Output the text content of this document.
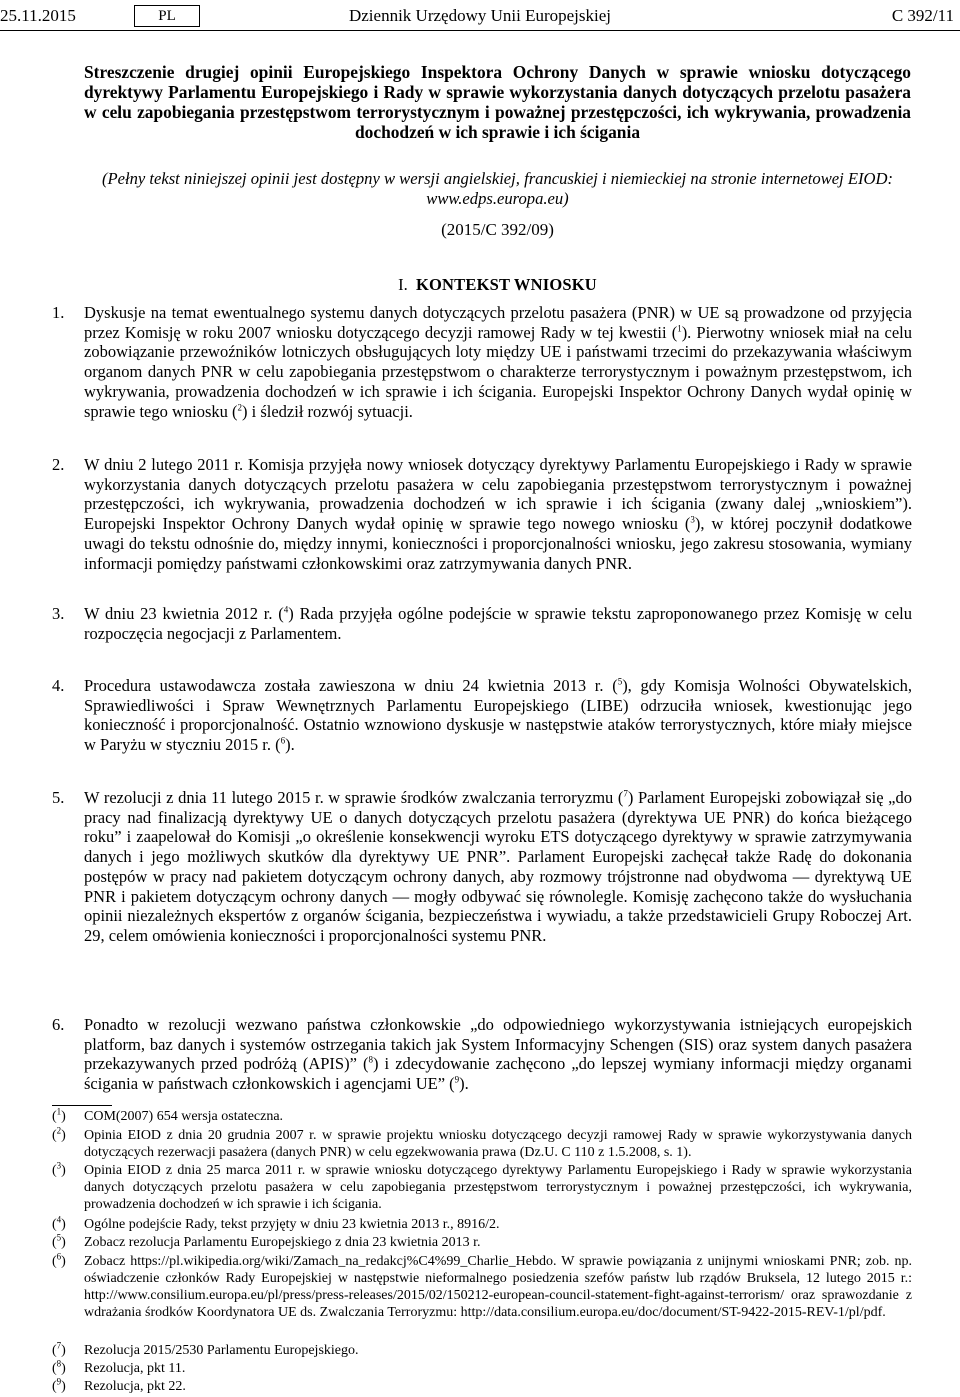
25.11.2015	PL	Dziennik Urzędowy Unii Europejskiej	C 392/11
Streszczenie drugiej opinii Europejskiego Inspektora Ochrony Danych w sprawie wniosku dotyczącego dyrektywy Parlamentu Europejskiego i Rady w sprawie wykorzystania danych dotyczących przelotu pasażera w celu zapobiegania przestępstwom terrorystycznym i poważnej przestępczości, ich wykrywania, prowadzenia dochodzeń w ich sprawie i ich ścigania
(Pełny tekst niniejszej opinii jest dostępny w wersji angielskiej, francuskiej i niemieckiej na stronie internetowej EIOD: www.edps.europa.eu)
(2015/C 392/09)
I. KONTEKST WNIOSKU
1. Dyskusje na temat ewentualnego systemu danych dotyczących przelotu pasażera (PNR) w UE są prowadzone od przyjęcia przez Komisję w roku 2007 wniosku dotyczącego decyzji ramowej Rady w tej kwestii ($^1$). Pierwotny wniosek miał na celu zobowiązanie przewoźników lotniczych obsługujących loty między UE i państwami trzecimi do przekazywania właściwym organom danych PNR w celu zapobiegania przestępstwom o charakterze terrorystycznym i poważnym przestępstwom, ich wykrywania, prowadzenia dochodzeń w ich sprawie i ich ścigania. Europejski Inspektor Ochrony Danych wydał opinię w sprawie tego wniosku ($^2$) i śledził rozwój sytuacji.
2. W dniu 2 lutego 2011 r. Komisja przyjęła nowy wniosek dotyczący dyrektywy Parlamentu Europejskiego i Rady w sprawie wykorzystania danych dotyczących przelotu pasażera w celu zapobiegania przestępstwom terrorystycznym i poważnej przestępczości, ich wykrywania, prowadzenia dochodzeń w ich sprawie i ich ścigania (zwany dalej „wnioskiem”). Europejski Inspektor Ochrony Danych wydał opinię w sprawie tego nowego wniosku ($^3$), w której poczynił dodatkowe uwagi do tekstu odnośnie do, między innymi, konieczności i proporcjonalności wniosku, jego zakresu stosowania, wymiany informacji pomiędzy państwami członkowskimi oraz zatrzymywania danych PNR.
3. W dniu 23 kwietnia 2012 r. ($^4$) Rada przyjęła ogólne podejście w sprawie tekstu zaproponowanego przez Komisję w celu rozpoczęcia negocjacji z Parlamentem.
4. Procedura ustawodawcza została zawieszona w dniu 24 kwietnia 2013 r. ($^5$), gdy Komisja Wolności Obywatelskich, Sprawiedliwości i Spraw Wewnętrznych Parlamentu Europejskiego (LIBE) odrzuciła wniosek, kwestionując jego konieczność i proporcjonalność. Ostatnio wznowiono dyskusje w następstwie ataków terrorystycznych, które miały miejsce w Paryżu w styczniu 2015 r. ($^6$).
5. W rezolucji z dnia 11 lutego 2015 r. w sprawie środków zwalczania terroryzmu ($^7$) Parlament Europejski zobowiązał się „do pracy nad finalizacją dyrektywy UE o danych dotyczących przelotu pasażera (dyrektywa UE PNR) do końca bieżącego roku” i zaapelował do Komisji „o określenie konsekwencji wyroku ETS dotyczącego dyrektywy w sprawie zatrzymywania danych i jego możliwych skutków dla dyrektywy UE PNR”. Parlament Europejski zachęcał także Radę do dokonania postępów w pracy nad pakietem dotyczącym ochrony danych, aby rozmowy trójstronne nad obydwoma — dyrektywą UE PNR i pakietem dotyczącym ochrony danych — mogły odbywać się równolegle. Komisję zachęcono także do wysłuchania opinii niezależnych ekspertów z organów ścigania, bezpieczeństwa i wywiadu, a także przedstawicieli Grupy Roboczej Art. 29, celem omówienia konieczności i proporcjonalności systemu PNR.
6. Ponadto w rezolucji wezwano państwa członkowskie „do odpowiedniego wykorzystywania istniejących europejskich platform, baz danych i systemów ostrzegania takich jak System Informacyjny Schengen (SIS) oraz system danych pasażera przekazywanych przed podróżą (APIS)” ($^8$) i zdecydowanie zachęcono „do lepszej wymiany informacji między organami ścigania w państwach członkowskich i agencjami UE” ($^9$).
($^1$) COM(2007) 654 wersja ostateczna.
($^2$) Opinia EIOD z dnia 20 grudnia 2007 r. w sprawie projektu wniosku dotyczącego decyzji ramowej Rady w sprawie wykorzystywania danych dotyczących rezerwacji pasażera (danych PNR) w celu egzekwowania prawa (Dz.U. C 110 z 1.5.2008, s. 1).
($^3$) Opinia EIOD z dnia 25 marca 2011 r. w sprawie wniosku dotyczącego dyrektywy Parlamentu Europejskiego i Rady w sprawie wykorzystania danych dotyczących przelotu pasażera w celu zapobiegania przestępstwom terrorystycznym i poważnej przestępczości, ich wykrywania, prowadzenia dochodzeń w ich sprawie i ich ścigania.
($^4$) Ogólne podejście Rady, tekst przyjęty w dniu 23 kwietnia 2013 r., 8916/2.
($^5$) Zobacz rezolucja Parlamentu Europejskiego z dnia 23 kwietnia 2013 r.
($^6$) Zobacz https://pl.wikipedia.org/wiki/Zamach_na_redakcj%C4%99_Charlie_Hebdo. W sprawie powiązania z unijnymi wnioskami PNR; zob. np. oświadczenie członków Rady Europejskiej w następstwie nieformalnego posiedzenia szefów państw lub rządów Bruksela, 12 lutego 2015 r.: http://www.consilium.europa.eu/pl/press/press-releases/2015/02/150212-european-council-statement-fight-against-terrorism/ oraz sprawozdanie z wdrażania środków Koordynatora UE ds. Zwalczania Terroryzmu: http://data.consilium.europa.eu/doc/document/ST-9422-2015-REV-1/pl/pdf.
($^7$) Rezolucja 2015/2530 Parlamentu Europejskiego.
($^8$) Rezolucja, pkt 11.
($^9$) Rezolucja, pkt 22.
